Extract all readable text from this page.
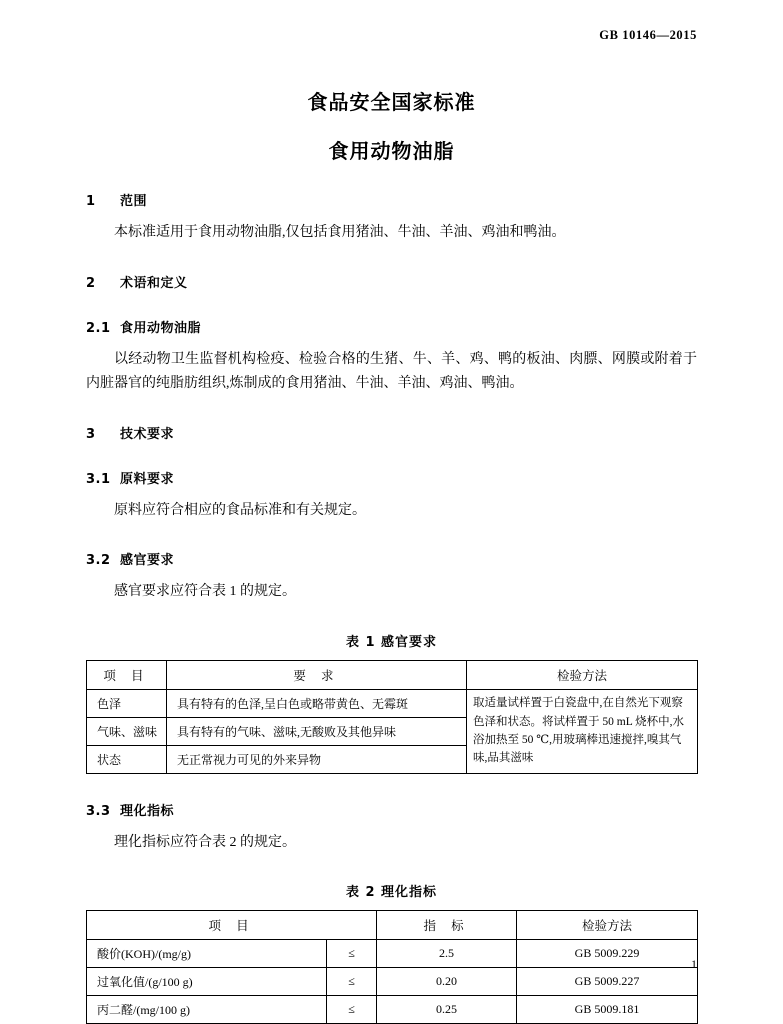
GB 10146—2015
食品安全国家标准
食用动物油脂
1 范围
本标准适用于食用动物油脂,仅包括食用猪油、牛油、羊油、鸡油和鸭油。
2 术语和定义
2.1 食用动物油脂
以经动物卫生监督机构检疫、检验合格的生猪、牛、羊、鸡、鸭的板油、肉膘、网膜或附着于内脏器官的纯脂肪组织,炼制成的食用猪油、牛油、羊油、鸡油、鸭油。
3 技术要求
3.1 原料要求
原料应符合相应的食品标准和有关规定。
3.2 感官要求
感官要求应符合表 1 的规定。
表 1 感官要求
项 目	要 求	检验方法
色泽	具有特有的色泽,呈白色或略带黄色、无霉斑	取适量试样置于白瓷盘中,在自然光下观察色泽和状态。将试样置于 50 mL 烧杯中,水浴加热至 50 ℃,用玻璃棒迅速搅拌,嗅其气味,品其滋味
气味、滋味	具有特有的气味、滋味,无酸败及其他异味	
状态	无正常视力可见的外来异物	
3.3 理化指标
理化指标应符合表 2 的规定。
表 2 理化指标
项 目		指 标	检验方法
酸价(KOH)/(mg/g)	≤	2.5	GB 5009.229
过氧化值/(g/100 g)	≤	0.20	GB 5009.227
丙二醛/(mg/100 g)	≤	0.25	GB 5009.181
1
